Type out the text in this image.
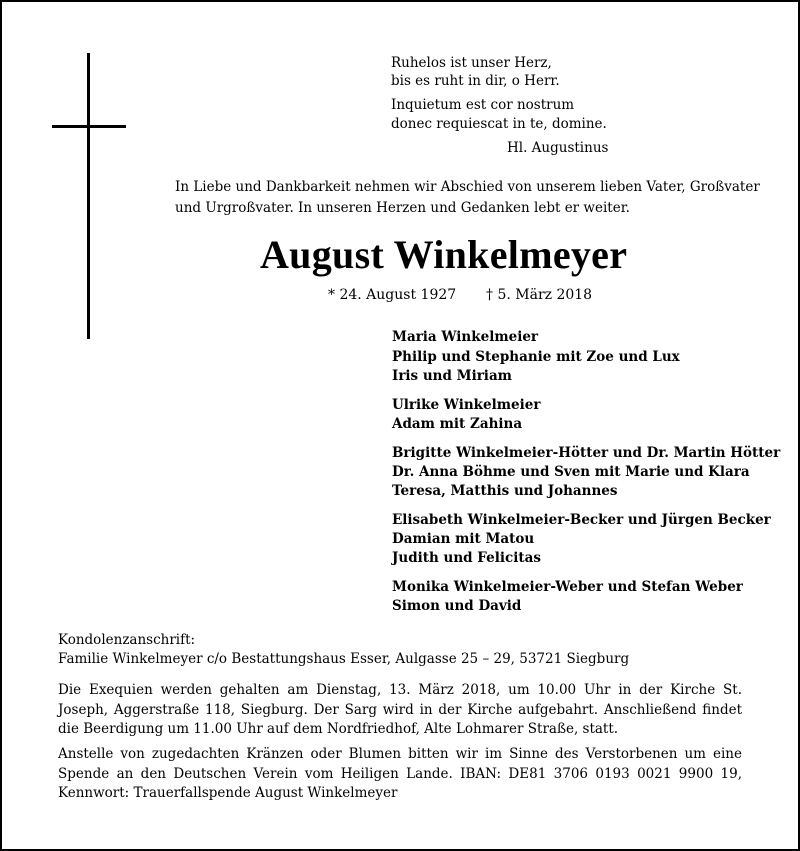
Ruhelos ist unser Herz,
bis es ruht in dir, o Herr.
Inquietum est cor nostrum
donec requiescat in te, domine.
Hl. Augustinus
In Liebe und Dankbarkeit nehmen wir Abschied von unserem lieben Vater, Großvater
und Urgroßvater. In unseren Herzen und Gedanken lebt er weiter.
August Winkelmeyer
* 24. August 1927 † 5. März 2018
Maria Winkelmeier
Philip und Stephanie mit Zoe und Lux
Iris und Miriam
Ulrike Winkelmeier
Adam mit Zahina
Brigitte Winkelmeier-Hötter und Dr. Martin Hötter
Dr. Anna Böhme und Sven mit Marie und Klara
Teresa, Matthis und Johannes
Elisabeth Winkelmeier-Becker und Jürgen Becker
Damian mit Matou
Judith und Felicitas
Monika Winkelmeier-Weber und Stefan Weber
Simon und David
Kondolenzanschrift:
Familie Winkelmeyer c/o Bestattungshaus Esser, Aulgasse 25 – 29, 53721 Siegburg
Die Exequien werden gehalten am Dienstag, 13. März 2018, um 10.00 Uhr in der Kirche St. Joseph, Aggerstraße 118, Siegburg. Der Sarg wird in der Kirche aufgebahrt. Anschließend findet die Beerdigung um 11.00 Uhr auf dem Nordfriedhof, Alte Lohmarer Straße, statt.
Anstelle von zugedachten Kränzen oder Blumen bitten wir im Sinne des Verstorbenen um eine Spende an den Deutschen Verein vom Heiligen Lande. IBAN: DE81 3706 0193 0021 9900 19, Kennwort: Trauerfallspende August Winkelmeyer
